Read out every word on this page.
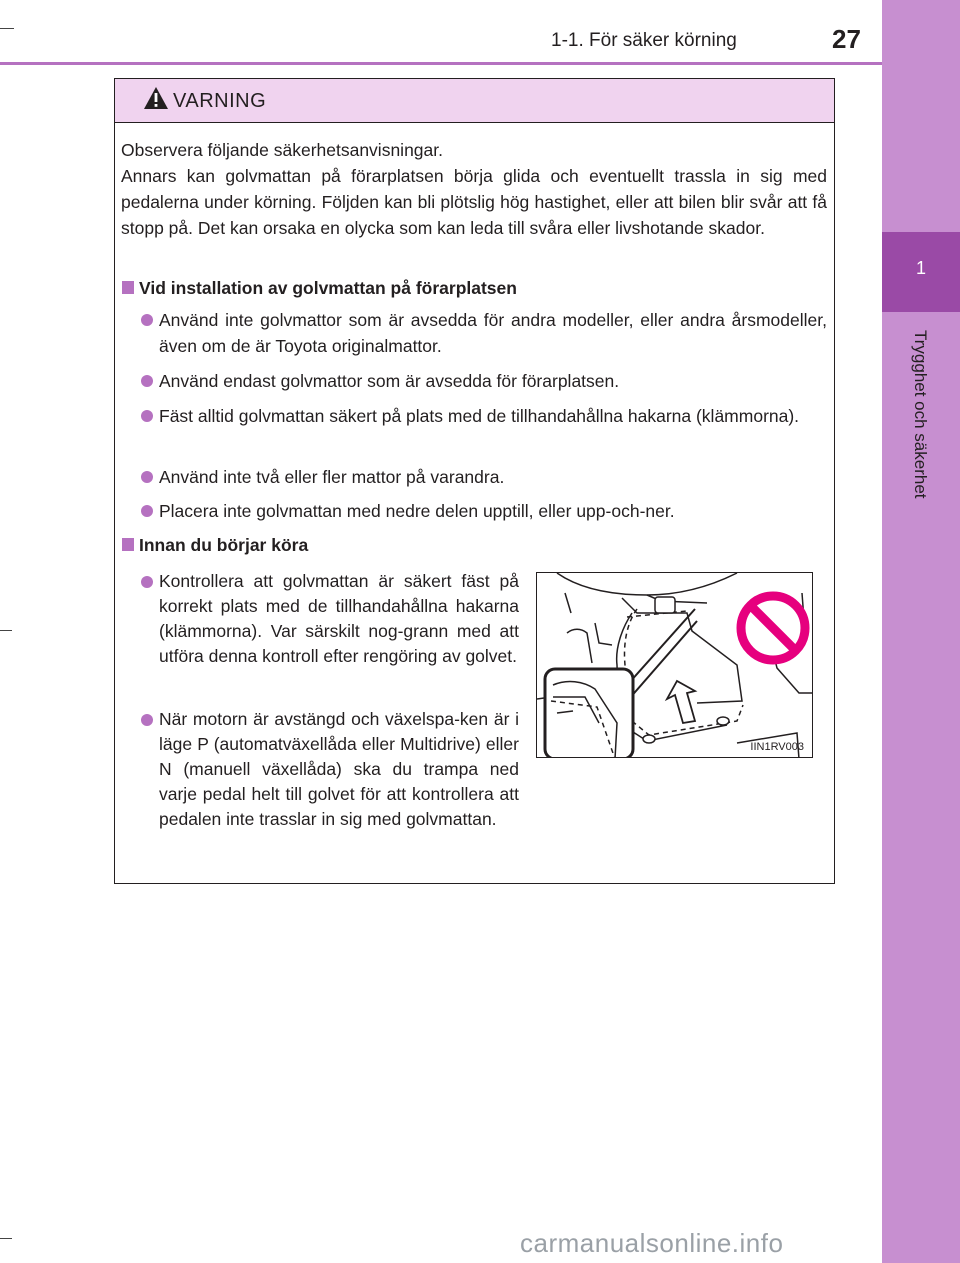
1-1. För säker körning	27
1
Trygghet och säkerhet
VARNING
Observera följande säkerhetsanvisningar.
Annars kan golvmattan på förarplatsen börja glida och eventuellt trassla in sig med pedalerna under körning. Följden kan bli plötslig hög hastighet, eller att bilen blir svår att få stopp på. Det kan orsaka en olycka som kan leda till svåra eller livshotande skador.
Vid installation av golvmattan på förarplatsen
Använd inte golvmattor som är avsedda för andra modeller, eller andra årsmodeller, även om de är Toyota originalmattor.
Använd endast golvmattor som är avsedda för förarplatsen.
Fäst alltid golvmattan säkert på plats med de tillhandahållna hakarna (klämmorna).
Använd inte två eller fler mattor på varandra.
Placera inte golvmattan med nedre delen upptill, eller upp-och-ner.
Innan du börjar köra
Kontrollera att golvmattan är säkert fäst på korrekt plats med de tillhandahållna hakarna (klämmorna). Var särskilt nog-grann med att utföra denna kontroll efter rengöring av golvet.
När motorn är avstängd och växelspa-ken är i läge P (automatväxellåda eller Multidrive) eller N (manuell växellåda) ska du trampa ned varje pedal helt till golvet för att kontrollera att pedalen inte trasslar in sig med golvmattan.
IIN1RV003
carmanualsonline.info
